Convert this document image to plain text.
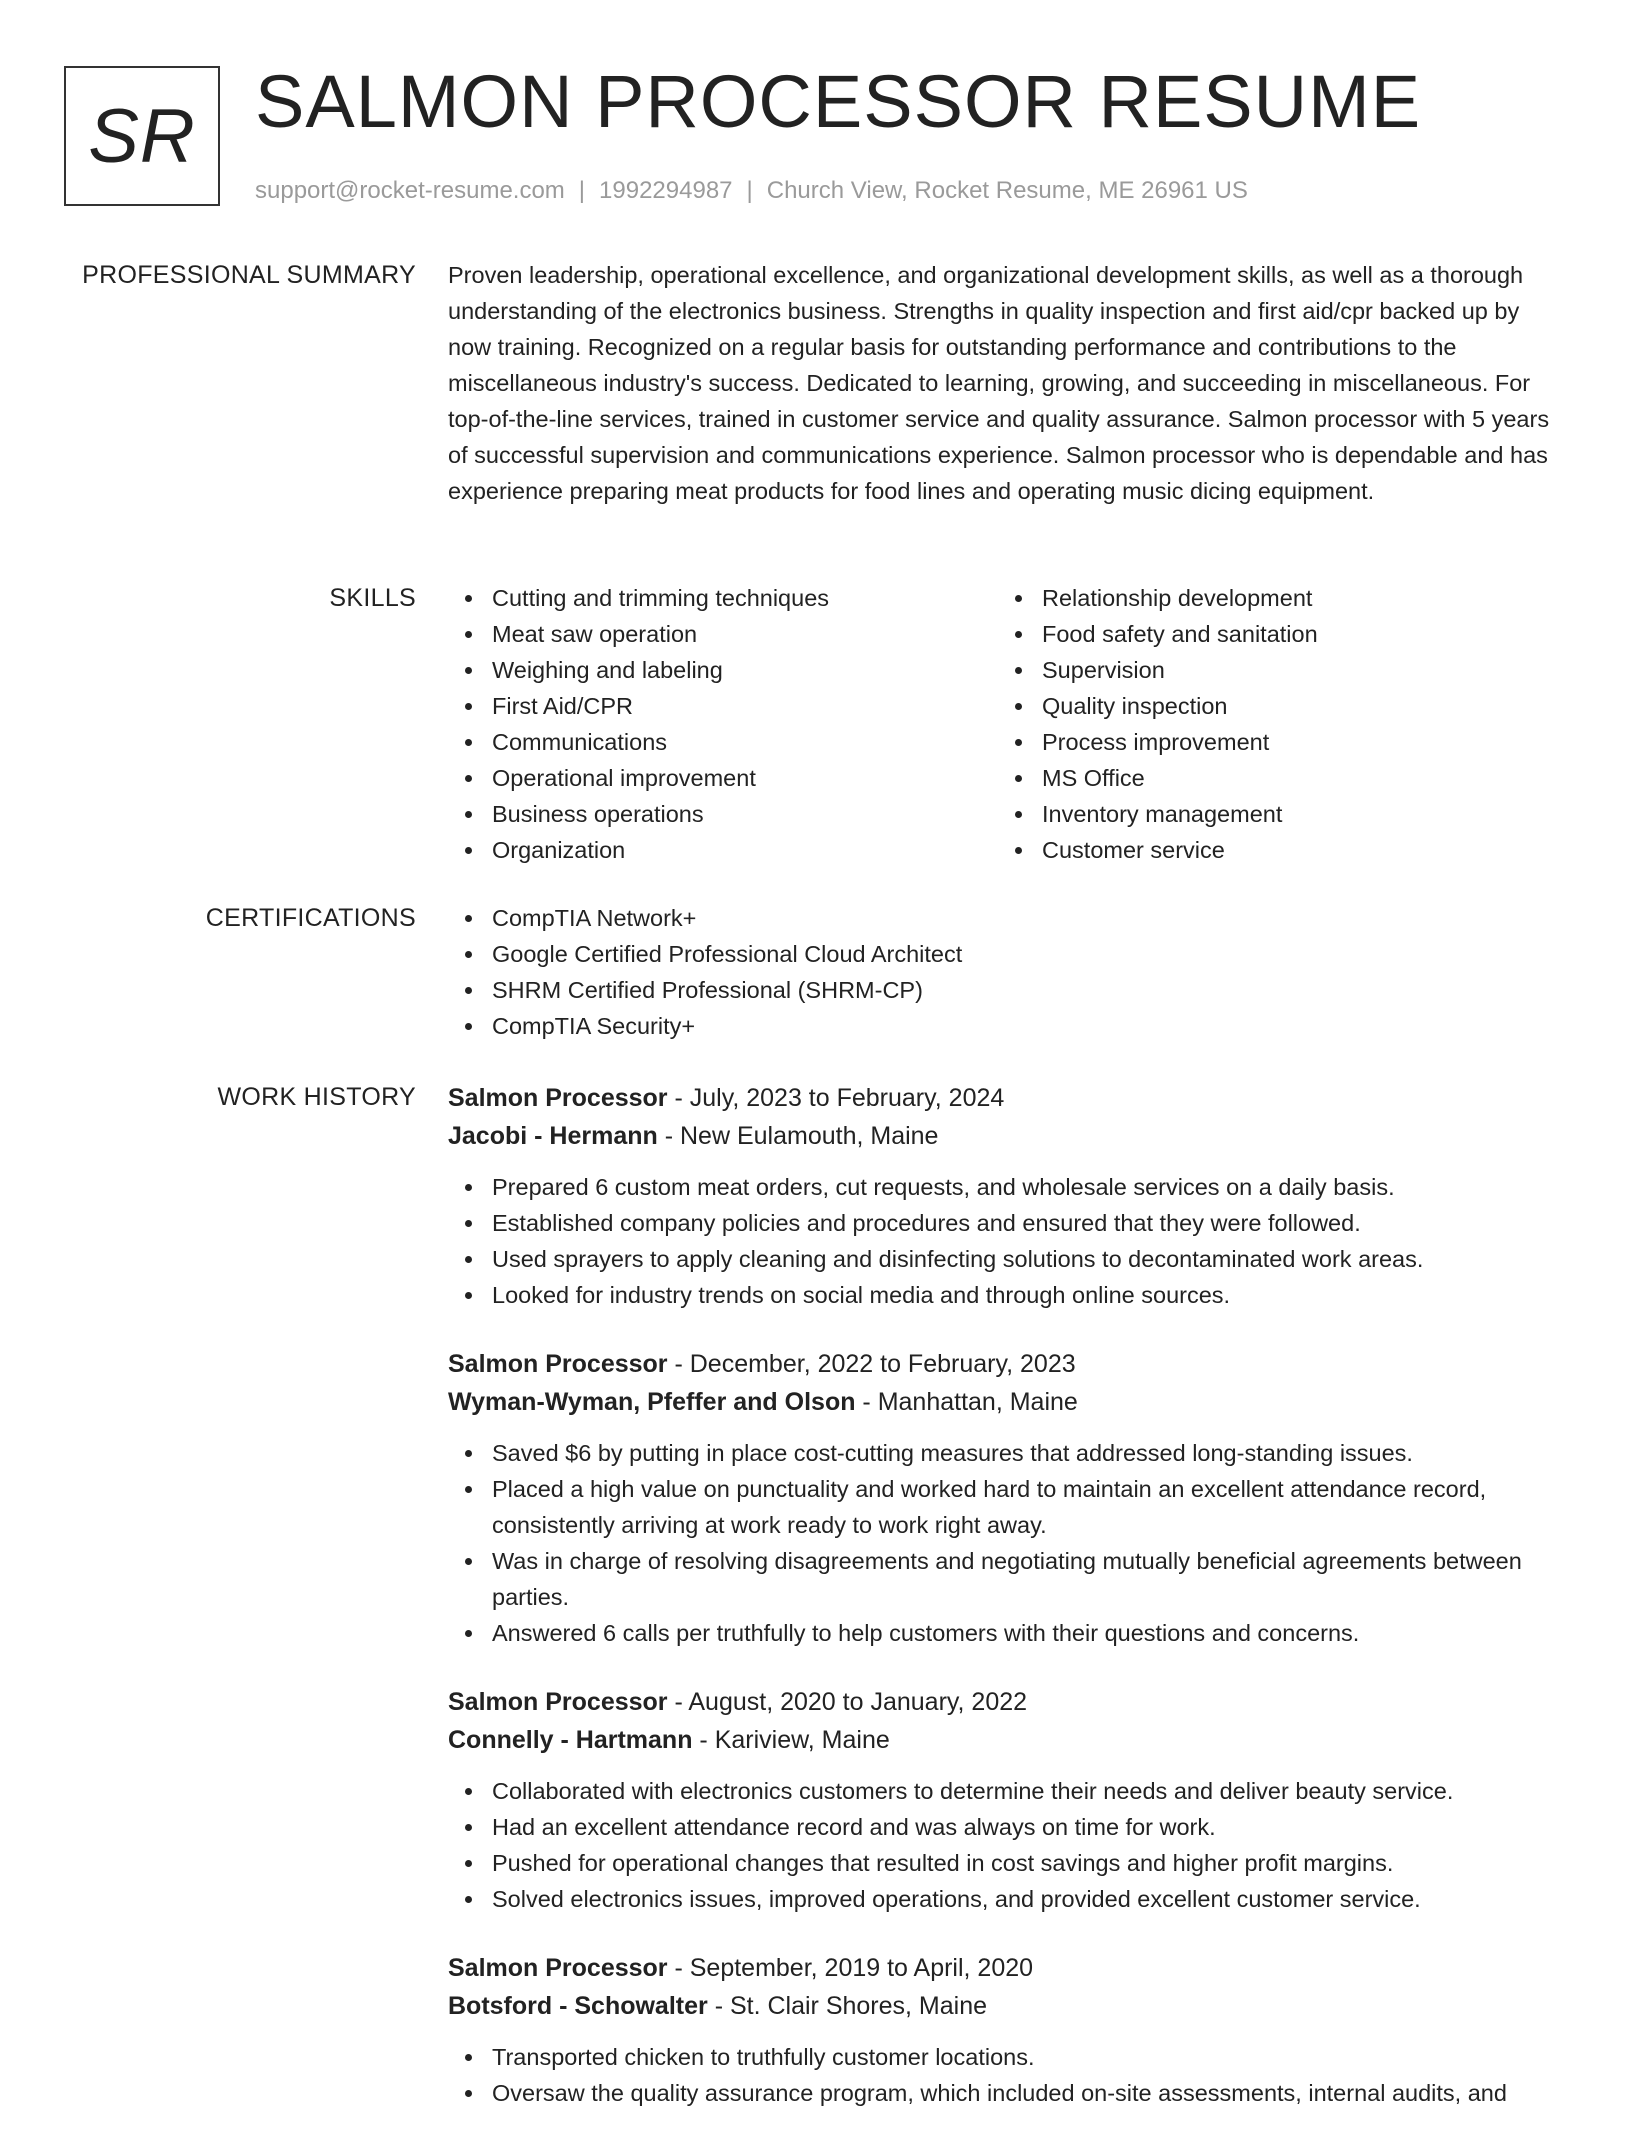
SR SALMON PROCESSOR RESUME
support@rocket-resume.com | 1992294987 | Church View, Rocket Resume, ME 26961 US
PROFESSIONAL SUMMARY Proven leadership, operational excellence, and organizational development skills, as well as a thorough understanding of the electronics business. Strengths in quality inspection and first aid/cpr backed up by now training. Recognized on a regular basis for outstanding performance and contributions to the miscellaneous industry's success. Dedicated to learning, growing, and succeeding in miscellaneous. For top-of-the-line services, trained in customer service and quality assurance. Salmon processor with 5 years of successful supervision and communications experience. Salmon processor who is dependable and has experience preparing meat products for food lines and operating music dicing equipment.

SKILLS	Cutting and trimming techniques
Meat saw operation
Weighing and labeling
First Aid/CPR
Communications
Operational improvement
Business operations
Organization
Relationship development
Food safety and sanitation
Supervision
Quality inspection
Process improvement
MS Office
Inventory management
Customer service
CERTIFICATIONS	CompTIA Network+
Google Certified Professional Cloud Architect
SHRM Certified Professional (SHRM-CP)
CompTIA Security+
WORK HISTORY Salmon Processor - July, 2023 to February, 2024
Jacobi - Hermann - New Eulamouth, Maine
Prepared 6 custom meat orders, cut requests, and wholesale services on a daily basis.
Established company policies and procedures and ensured that they were followed.
Used sprayers to apply cleaning and disinfecting solutions to decontaminated work areas.
Looked for industry trends on social media and through online sources.
Salmon Processor - December, 2022 to February, 2023
Wyman-Wyman, Pfeffer and Olson - Manhattan, Maine
Saved $6 by putting in place cost-cutting measures that addressed long-standing issues.
Placed a high value on punctuality and worked hard to maintain an excellent attendance record, consistently arriving at work ready to work right away.
Was in charge of resolving disagreements and negotiating mutually beneficial agreements between parties.
Answered 6 calls per truthfully to help customers with their questions and concerns.
Salmon Processor - August, 2020 to January, 2022
Connelly - Hartmann - Kariview, Maine
Collaborated with electronics customers to determine their needs and deliver beauty service.
Had an excellent attendance record and was always on time for work.
Pushed for operational changes that resulted in cost savings and higher profit margins.
Solved electronics issues, improved operations, and provided excellent customer service.
Salmon Processor - September, 2019 to April, 2020
Botsford - Schowalter - St. Clair Shores, Maine
Transported chicken to truthfully customer locations.
Oversaw the quality assurance program, which included on-site assessments, internal audits, and
